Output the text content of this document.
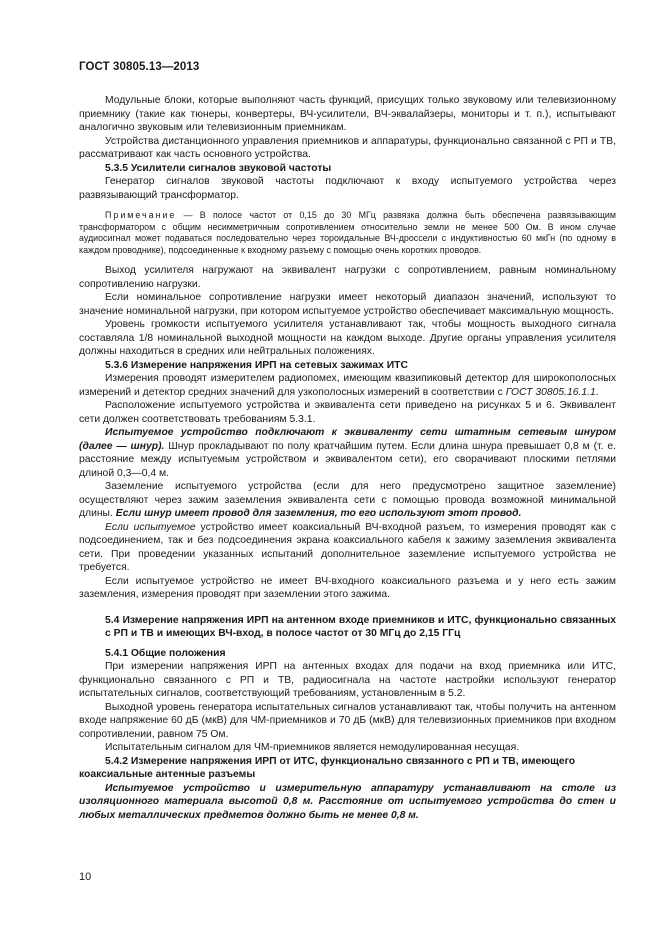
ГОСТ 30805.13—2013

Модульные блоки, которые выполняют часть функций, присущих только звуковому или телевизионному приемнику (такие как тюнеры, конвертеры, ВЧ-усилители, ВЧ-эквалайзеры, мониторы и т. п.), испытывают аналогично звуковым или телевизионным приемникам.

Устройства дистанционного управления приемников и аппаратуры, функционально связанной с РП и ТВ, рассматривают как часть основного устройства.

5.3.5 Усилители сигналов звуковой частоты

Генератор сигналов звуковой частоты подключают к входу испытуемого устройства через развязывающий трансформатор.

Примечание — В полосе частот от 0,15 до 30 МГц развязка должна быть обеспечена развязывающим трансформатором с общим несимметричным сопротивлением относительно земли не менее 500 Ом. В ином случае аудиосигнал может подаваться последовательно через тороидальные ВЧ-дроссели с индуктивностью 60 мкГн (по одному в каждом проводнике), подсоединенные к входному разъему с помощью очень коротких проводов.

Выход усилителя нагружают на эквивалент нагрузки с сопротивлением, равным номинальному сопротивлению нагрузки.

Если номинальное сопротивление нагрузки имеет некоторый диапазон значений, используют то значение номинальной нагрузки, при котором испытуемое устройство обеспечивает максимальную мощность.

Уровень громкости испытуемого усилителя устанавливают так, чтобы мощность выходного сигнала составляла 1/8 номинальной выходной мощности на каждом выходе. Другие органы управления усилителя должны находиться в средних или нейтральных положениях.

5.3.6 Измерение напряжения ИРП на сетевых зажимах ИТС

Измерения проводят измерителем радиопомех, имеющим квазипиковый детектор для широкополосных измерений и детектор средних значений для узкополосных измерений в соответствии с ГОСТ 30805.16.1.1.

Расположение испытуемого устройства и эквивалента сети приведено на рисунках 5 и 6. Эквивалент сети должен соответствовать требованиям 5.3.1.

Испытуемое устройство подключают к эквиваленту сети штатным сетевым шнуром (далее — шнур). Шнур прокладывают по полу кратчайшим путем. Если длина шнура превышает 0,8 м (т. е. расстояние между испытуемым устройством и эквивалентом сети), его сворачивают плоскими петлями длиной 0,3—0,4 м.

Заземление испытуемого устройства (если для него предусмотрено защитное заземление) осуществляют через зажим заземления эквивалента сети с помощью провода возможной минимальной длины. Если шнур имеет провод для заземления, то его используют этот провод.

Если испытуемое устройство имеет коаксиальный ВЧ-входной разъем, то измерения проводят как с подсоединением, так и без подсоединения экрана коаксиального кабеля к зажиму заземления эквивалента сети. При проведении указанных испытаний дополнительное заземление испытуемого устройства не требуется.

Если испытуемое устройство не имеет ВЧ-входного коаксиального разъема и у него есть зажим заземления, измерения проводят при заземлении этого зажима.

5.4 Измерение напряжения ИРП на антенном входе приемников и ИТС, функционально связанных с РП и ТВ и имеющих ВЧ-вход, в полосе частот от 30 МГц до 2,15 ГГц

5.4.1 Общие положения

При измерении напряжения ИРП на антенных входах для подачи на вход приемника или ИТС, функционально связанного с РП и ТВ, радиосигнала на частоте настройки используют генератор испытательных сигналов, соответствующий требованиям, установленным в 5.2.

Выходной уровень генератора испытательных сигналов устанавливают так, чтобы получить на антенном входе напряжение 60 дБ (мкВ) для ЧМ-приемников и 70 дБ (мкВ) для телевизионных приемников при входном сопротивлении, равном 75 Ом.

Испытательным сигналом для ЧМ-приемников является немодулированная несущая.

5.4.2 Измерение напряжения ИРП от ИТС, функционально связанного с РП и ТВ, имеющего коаксиальные антенные разъемы

Испытуемое устройство и измерительную аппаратуру устанавливают на столе из изоляционного материала высотой 0,8 м. Расстояние от испытуемого устройства до стен и любых металлических предметов должно быть не менее 0,8 м.

10
